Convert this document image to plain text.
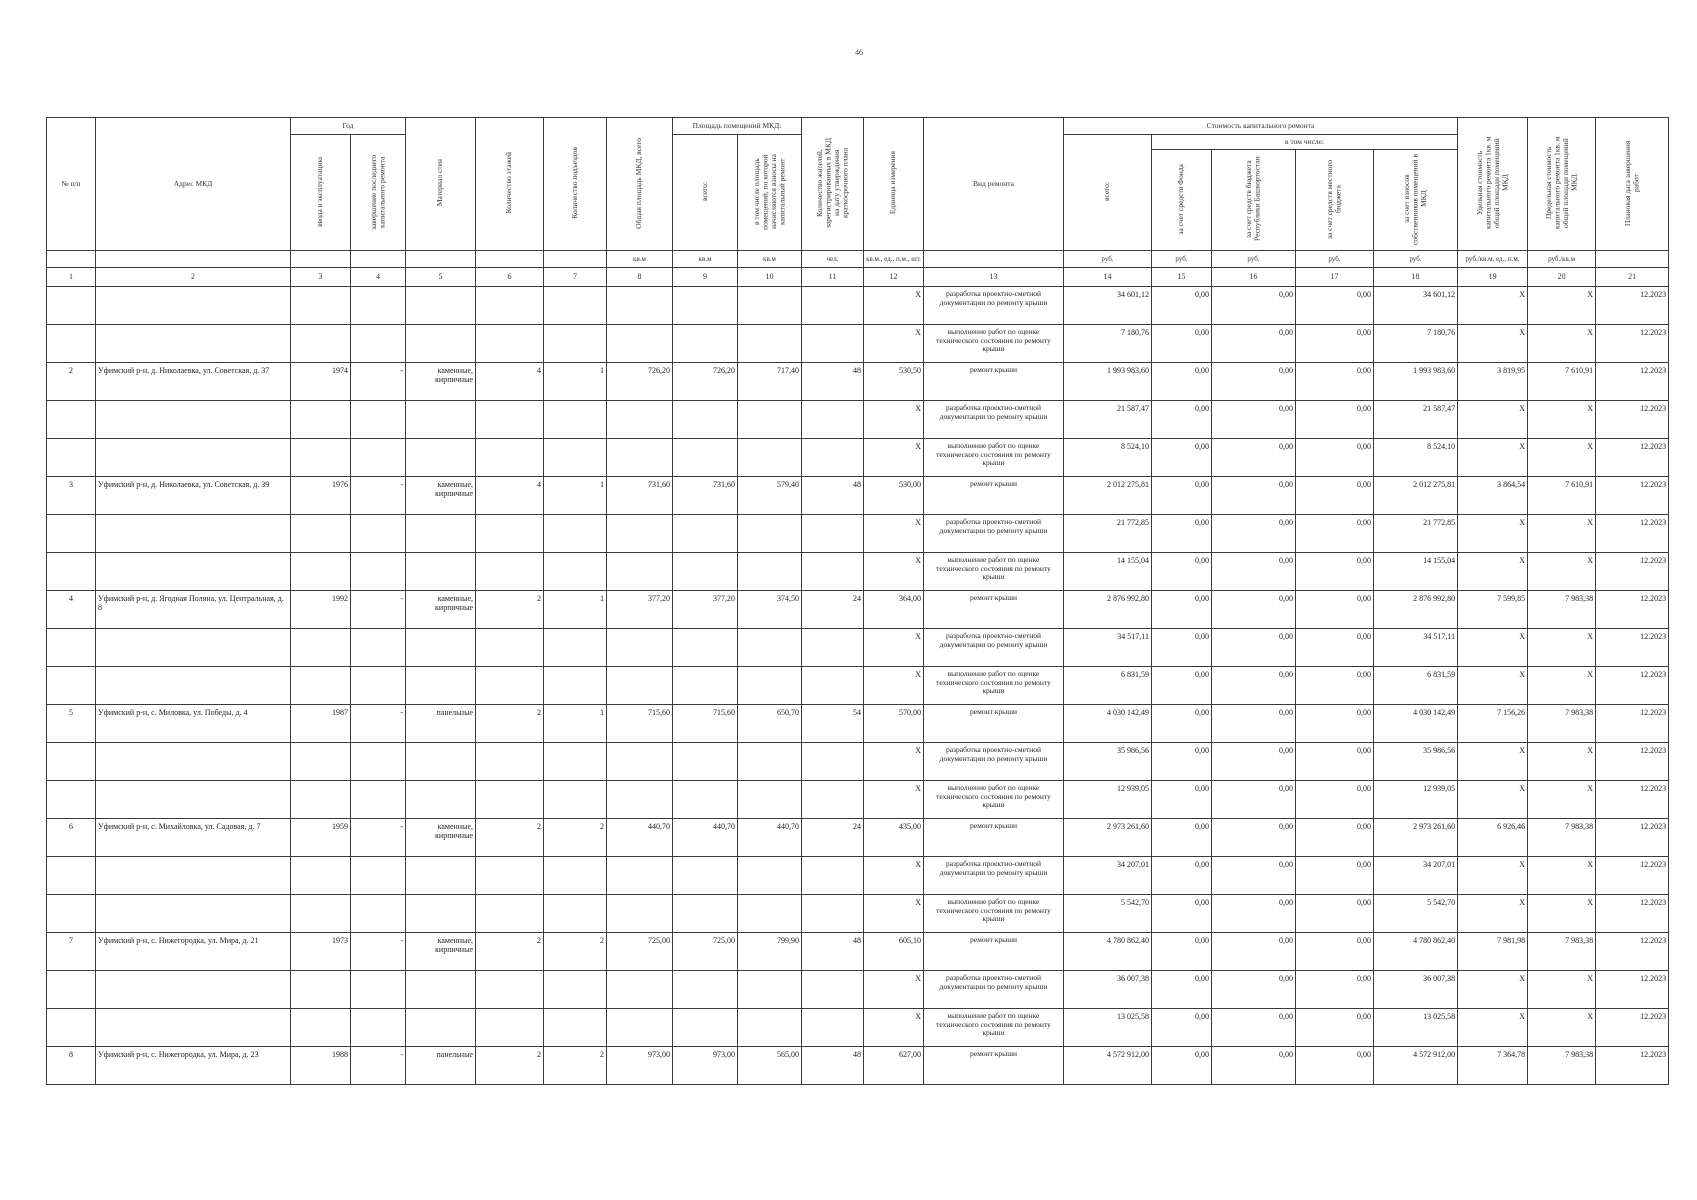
46
№ п/п	Адрес МКД	Год		Материал стен	Количество этажей	Количество подъездов	Общая площадь МКД, всего	Площадь помещений МКД:		Количество жителей, зарегистрированных в МКД на дату утверждения краткосрочного плана	Единица измерения	Вид ремонта	Стоимость капитального ремонта					Удельная стоимость капитального ремонта 1кв. м общей площади помещений МКД	Предельная стоимость капитального ремонта 1кв. м общей площади помещений МКД	Плановая дата завершения работ
		ввода в эксплуатацию	завершение последнего капитального ремонта					всего:	в том числе площадь помещений, по которой начисляются взносы на капитальный ремонт				всего:	в том числе:						
														за счет средств Фонда	за счет средств бюджета Республики Башкортостан	за счет средств местного бюджета	за счет взносов собственников помещений в МКД			
							кв.м	кв.м	кв.м	чел.	кв.м., ед., п.м., шт.		руб.	руб.	руб.	руб.	руб.	руб./кв.м, ед., п.м.	руб./кв.м	
1	2	3	4	5	6	7	8	9	10	11	12	13	14	15	16	17	18	19	20	21
											X	разработка проектно-сметной документации по ремонту крыши	34 601,12	0,00	0,00	0,00	34 601,12	X	X	12.2023
											X	выполнение работ по оценке технического состояния по ремонту крыши	7 180,76	0,00	0,00	0,00	7 180,76	X	X	12.2023
2	Уфимский р-н, д. Николаевка, ул. Советская, д. 37	1974	-	каменные, кирпичные	4	1	726,20	726,20	717,40	48	530,50	ремонт крыши	1 993 983,60	0,00	0,00	0,00	1 993 983,60	3 819,95	7 610,91	12.2023
											X	разработка проектно-сметной документации по ремонту крыши	21 587,47	0,00	0,00	0,00	21 587,47	X	X	12.2023
											X	выполнение работ по оценке технического состояния по ремонту крыши	8 524,10	0,00	0,00	0,00	8 524,10	X	X	12.2023
3	Уфимский р-н, д. Николаевка, ул. Советская, д. 39	1976	-	каменные, кирпичные	4	1	731,60	731,60	579,40	48	530,00	ремонт крыши	2 012 275,81	0,00	0,00	0,00	2 012 275,81	3 864,54	7 610,91	12.2023
											X	разработка проектно-сметной документации по ремонту крыши	21 772,85	0,00	0,00	0,00	21 772,85	X	X	12.2023
											X	выполнение работ по оценке технического состояния по ремонту крыши	14 155,04	0,00	0,00	0,00	14 155,04	X	X	12.2023
4	Уфимский р-н, д. Ягодная Поляна, ул. Центральная, д. 8	1992	-	каменные, кирпичные	2	1	377,20	377,20	374,50	24	364,00	ремонт крыши	2 876 992,80	0,00	0,00	0,00	2 876 992,80	7 599,85	7 983,38	12.2023
											X	разработка проектно-сметной документации по ремонту крыши	34 517,11	0,00	0,00	0,00	34 517,11	X	X	12.2023
											X	выполнение работ по оценке технического состояния по ремонту крыши	6 831,59	0,00	0,00	0,00	6 831,59	X	X	12.2023
5	Уфимский р-н, с. Миловка, ул. Победы, д. 4	1987	-	панельные	2	1	715,60	715,60	650,70	54	570,00	ремонт крыши	4 030 142,49	0,00	0,00	0,00	4 030 142,49	7 156,26	7 983,38	12.2023
											X	разработка проектно-сметной документации по ремонту крыши	35 986,56	0,00	0,00	0,00	35 986,56	X	X	12.2023
											X	выполнение работ по оценке технического состояния по ремонту крыши	12 939,05	0,00	0,00	0,00	12 939,05	X	X	12.2023
6	Уфимский р-н, с. Михайловка, ул. Садовая, д. 7	1959	-	каменные, кирпичные	2	2	440,70	440,70	440,70	24	435,00	ремонт крыши	2 973 261,60	0,00	0,00	0,00	2 973 261,60	6 926,46	7 983,38	12.2023
											X	разработка проектно-сметной документации по ремонту крыши	34 207,01	0,00	0,00	0,00	34 207,01	X	X	12.2023
											X	выполнение работ по оценке технического состояния по ремонту крыши	5 542,70	0,00	0,00	0,00	5 542,70	X	X	12.2023
7	Уфимский р-н, с. Нижегородка, ул. Мира, д. 21	1973	-	каменные, кирпичные	2	2	725,00	725,00	799,90	48	605,10	ремонт крыши	4 780 862,40	0,00	0,00	0,00	4 780 862,40	7 981,98	7 983,38	12.2023
											X	разработка проектно-сметной документации по ремонту крыши	36 007,38	0,00	0,00	0,00	36 007,38	X	X	12.2023
											X	выполнение работ по оценке технического состояния по ремонту крыши	13 025,58	0,00	0,00	0,00	13 025,58	X	X	12.2023
8	Уфимский р-н, с. Нижегородка, ул. Мира, д. 23	1988	-	панельные	2	2	973,00	973,00	565,00	48	627,00	ремонт крыши	4 572 912,00	0,00	0,00	0,00	4 572 912,00	7 364,78	7 983,38	12.2023
